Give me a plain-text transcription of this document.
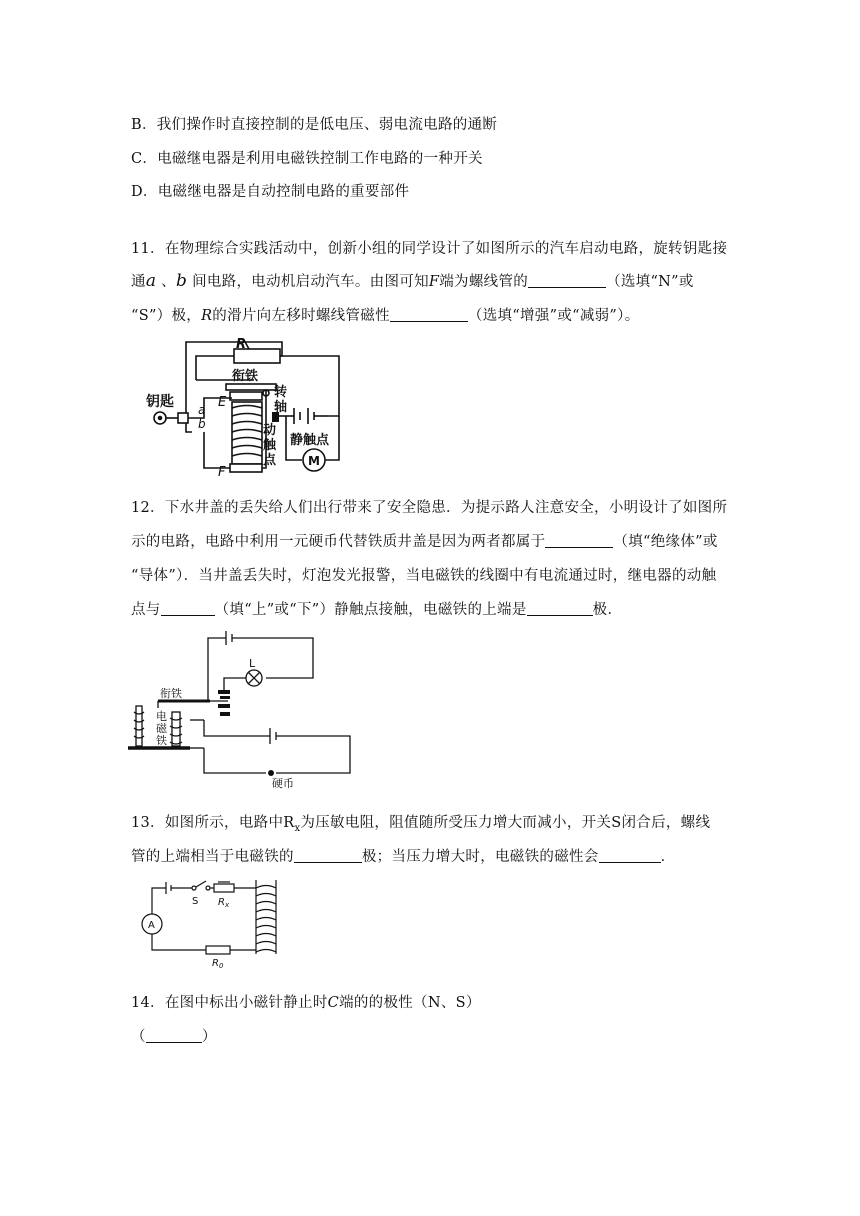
B．我们操作时直接控制的是低电压、弱电流电路的通断
C．电磁继电器是利用电磁铁控制工作电路的一种开关
D．电磁继电器是自动控制电路的重要部件
11．在物理综合实践活动中，创新小组的同学设计了如图所示的汽车启动电路，旋转钥匙接
通a 、b 间电路，电动机启动汽车。由图可知F端为螺线管的	（选填“N”或
“S”）极，R的滑片向左移时螺线管磁性	（选填“增强”或“减弱”）。
R
钥匙
衔铁
E
a
b
F
转
轴
动
触
点
静触点
M
12．下水井盖的丢失给人们出行带来了安全隐患．为提示路人注意安全，小明设计了如图所
示的电路，电路中利用一元硬币代替铁质井盖是因为两者都属于	（填“绝缘体”或
“导体”）．当井盖丢失时，灯泡发光报警，当电磁铁的线圈中有电流通过时，继电器的动触
点与	（填“上”或“下”）静触点接触，电磁铁的上端是	极．
L
衔铁
电
磁
铁
硬币
13．如图所示，电路中$R_x$为压敏电阻，阻值随所受压力增大而减小，开关S闭合后，螺线
管的上端相当于电磁铁的	极；当压力增大时，电磁铁的磁性会	．
A
S $R_x$
$R_0$
14．在图中标出小磁针静止时C端的的极性（N、S）
（	）
